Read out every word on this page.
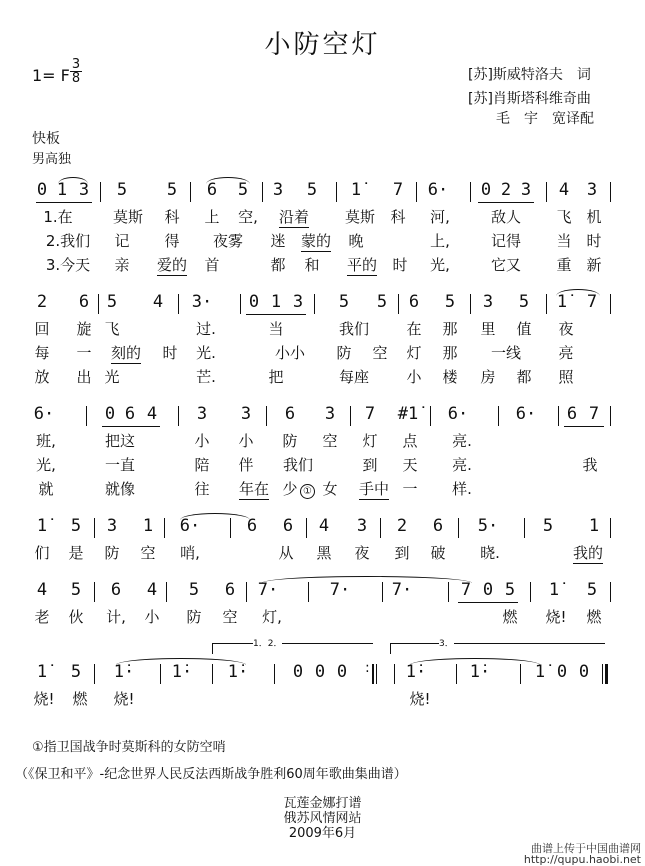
小防空灯
1= F
3
8	[苏]斯威特洛夫　词
[苏]肖斯塔科维奇曲
毛　宇　宽译配
快板
男高独
0 1 3 5 5 6 5 3 5 1̇ 7 6· 0 2 3 4 3
1.在	莫斯 科 上 空, 沿着 莫斯 科 河,	敌人 飞 机
2.我们 记 得 夜雾 迷 蒙的 晚	上,	记得 当 时
3.今天 亲 爱的 首	都 和 平的 时 光,	它又 重 新
2 6 5 4 3· 0 1 3 5 5 6 5 3 5 1̇ 7
回 旋 飞	过.	当	我们 在 那 里 值 夜
每 一 刻的 时 光.	小小 防 空 灯 那 一线 亮
放 出 光	芒.	把	每座 小 楼 房 都 照
6·	0 6 4 3 3 6 3 7 #1̇ 6·	6· 6 7
班,	把这	小 小 防 空 灯 点 亮.
光,	一直	陪 伴 我们	到 天 亮.	我
就	就像	往 年在 少 ① 女 手中 一 样.
1̇ 5 3 1 6·	6 6 4 3 2 6 5·	5 1
们 是 防 空 哨,	从 黑 夜 到 破 晓.	我的
4 5 6 4 5 6 7·	7· 7·	7 0 5 1̇ 5
老 伙 计, 小 防 空 灯,	燃 烧! 燃
1．2．	3．
1̇ 5 1̇· 1̇· 1̇·	0 0 0 : 1̇·	1̇·	1̇ 0 0
烧! 燃 烧!	烧!
①指卫国战争时莫斯科的女防空哨
（《保卫和平》-纪念世界人民反法西斯战争胜利60周年歌曲集曲谱）
瓦莲金娜打谱
俄苏风情网站
2009年6月
曲谱上传于中国曲谱网
http://qupu.haobi.net
